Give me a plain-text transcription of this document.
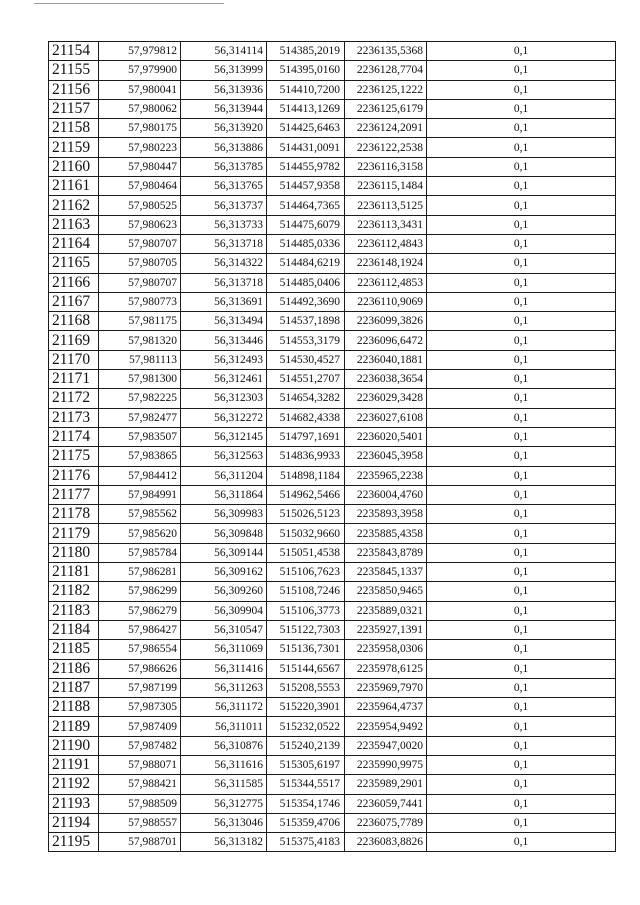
21154	57,979812	56,314114	514385,2019	2236135,5368	0,1
21155	57,979900	56,313999	514395,0160	2236128,7704	0,1
21156	57,980041	56,313936	514410,7200	2236125,1222	0,1
21157	57,980062	56,313944	514413,1269	2236125,6179	0,1
21158	57,980175	56,313920	514425,6463	2236124,2091	0,1
21159	57,980223	56,313886	514431,0091	2236122,2538	0,1
21160	57,980447	56,313785	514455,9782	2236116,3158	0,1
21161	57,980464	56,313765	514457,9358	2236115,1484	0,1
21162	57,980525	56,313737	514464,7365	2236113,5125	0,1
21163	57,980623	56,313733	514475,6079	2236113,3431	0,1
21164	57,980707	56,313718	514485,0336	2236112,4843	0,1
21165	57,980705	56,314322	514484,6219	2236148,1924	0,1
21166	57,980707	56,313718	514485,0406	2236112,4853	0,1
21167	57,980773	56,313691	514492,3690	2236110,9069	0,1
21168	57,981175	56,313494	514537,1898	2236099,3826	0,1
21169	57,981320	56,313446	514553,3179	2236096,6472	0,1
21170	57,981113	56,312493	514530,4527	2236040,1881	0,1
21171	57,981300	56,312461	514551,2707	2236038,3654	0,1
21172	57,982225	56,312303	514654,3282	2236029,3428	0,1
21173	57,982477	56,312272	514682,4338	2236027,6108	0,1
21174	57,983507	56,312145	514797,1691	2236020,5401	0,1
21175	57,983865	56,312563	514836,9933	2236045,3958	0,1
21176	57,984412	56,311204	514898,1184	2235965,2238	0,1
21177	57,984991	56,311864	514962,5466	2236004,4760	0,1
21178	57,985562	56,309983	515026,5123	2235893,3958	0,1
21179	57,985620	56,309848	515032,9660	2235885,4358	0,1
21180	57,985784	56,309144	515051,4538	2235843,8789	0,1
21181	57,986281	56,309162	515106,7623	2235845,1337	0,1
21182	57,986299	56,309260	515108,7246	2235850,9465	0,1
21183	57,986279	56,309904	515106,3773	2235889,0321	0,1
21184	57,986427	56,310547	515122,7303	2235927,1391	0,1
21185	57,986554	56,311069	515136,7301	2235958,0306	0,1
21186	57,986626	56,311416	515144,6567	2235978,6125	0,1
21187	57,987199	56,311263	515208,5553	2235969,7970	0,1
21188	57,987305	56,311172	515220,3901	2235964,4737	0,1
21189	57,987409	56,311011	515232,0522	2235954,9492	0,1
21190	57,987482	56,310876	515240,2139	2235947,0020	0,1
21191	57,988071	56,311616	515305,6197	2235990,9975	0,1
21192	57,988421	56,311585	515344,5517	2235989,2901	0,1
21193	57,988509	56,312775	515354,1746	2236059,7441	0,1
21194	57,988557	56,313046	515359,4706	2236075,7789	0,1
21195	57,988701	56,313182	515375,4183	2236083,8826	0,1
